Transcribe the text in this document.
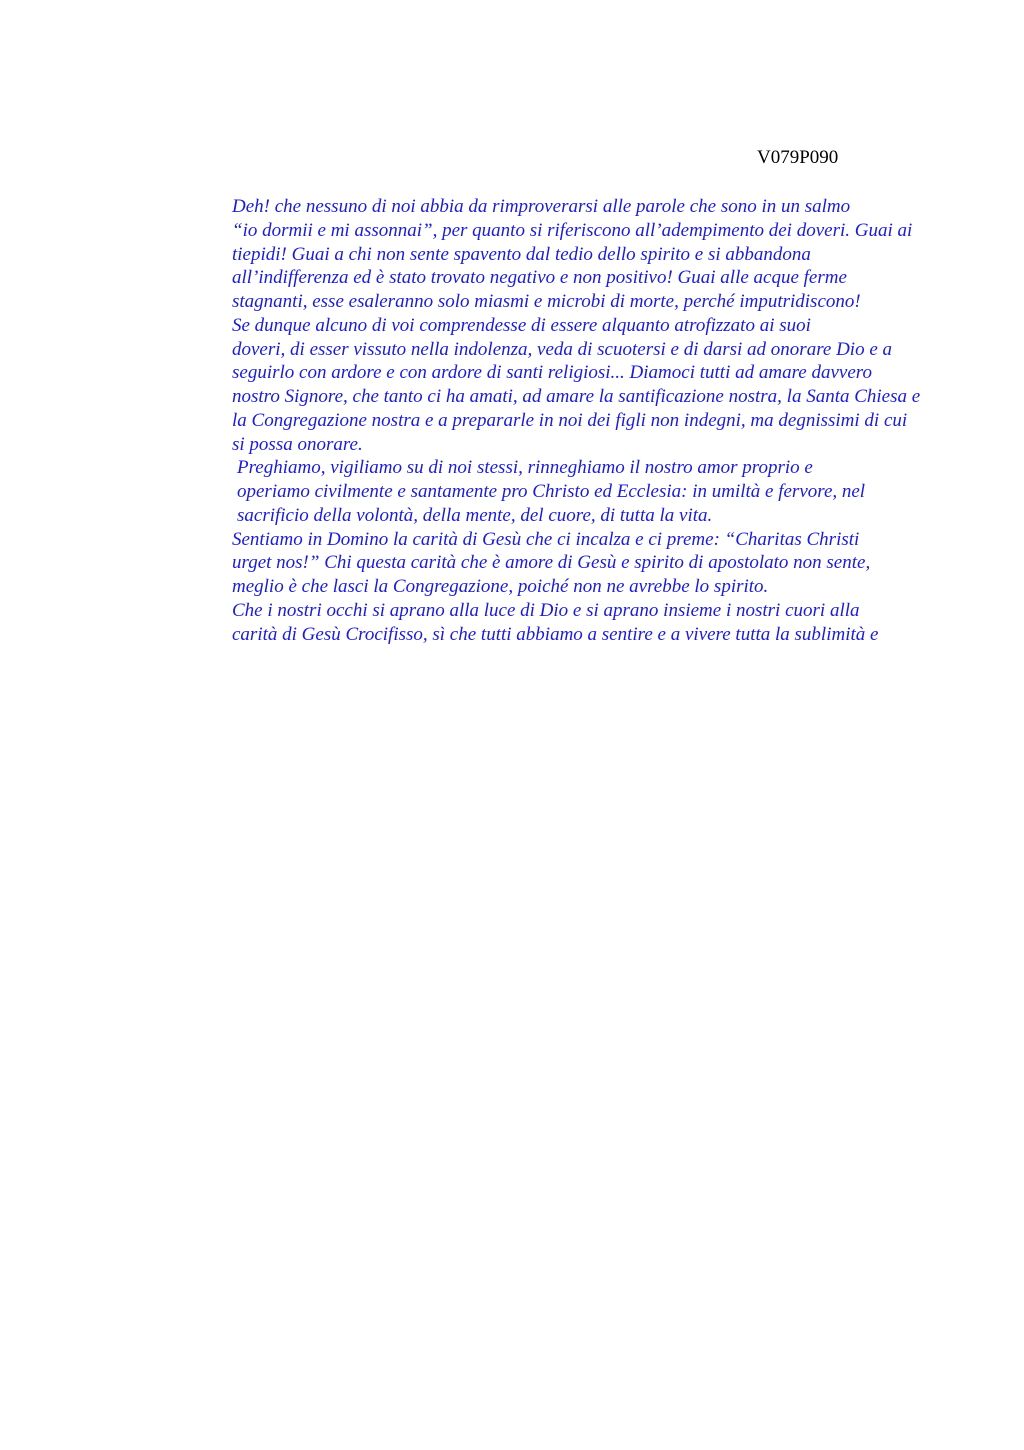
V079P090

Deh! che nessuno di noi abbia da rimproverarsi alle parole che sono in un salmo
“io dormii e mi assonnai”, per quanto si riferiscono all’adempimento dei doveri. Guai ai
tiepidi! Guai a chi non sente spavento dal tedio dello spirito e si abbandona
all’indifferenza ed è stato trovato negativo e non positivo! Guai alle acque ferme
stagnanti, esse esaleranno solo miasmi e microbi di morte, perché imputridiscono!

Se dunque alcuno di voi comprendesse di essere alquanto atrofizzato ai suoi
doveri, di esser vissuto nella indolenza, veda di scuotersi e di darsi ad onorare Dio e a
seguirlo con ardore e con ardore di santi religiosi... Diamoci tutti ad amare davvero
nostro Signore, che tanto ci ha amati, ad amare la santificazione nostra, la Santa Chiesa e
la Congregazione nostra e a prepararle in noi dei figli non indegni, ma degnissimi di cui
si possa onorare.

Preghiamo, vigiliamo su di noi stessi, rinneghiamo il nostro amor proprio e
operiamo civilmente e santamente pro Christo ed Ecclesia: in umiltà e fervore, nel
sacrificio della volontà, della mente, del cuore, di tutta la vita.

Sentiamo in Domino la carità di Gesù che ci incalza e ci preme: “Charitas Christi
urget nos!” Chi questa carità che è amore di Gesù e spirito di apostolato non sente,
meglio è che lasci la Congregazione, poiché non ne avrebbe lo spirito.

Che i nostri occhi si aprano alla luce di Dio e si aprano insieme i nostri cuori alla
carità di Gesù Crocifisso, sì che tutti abbiamo a sentire e a vivere tutta la sublimità e
